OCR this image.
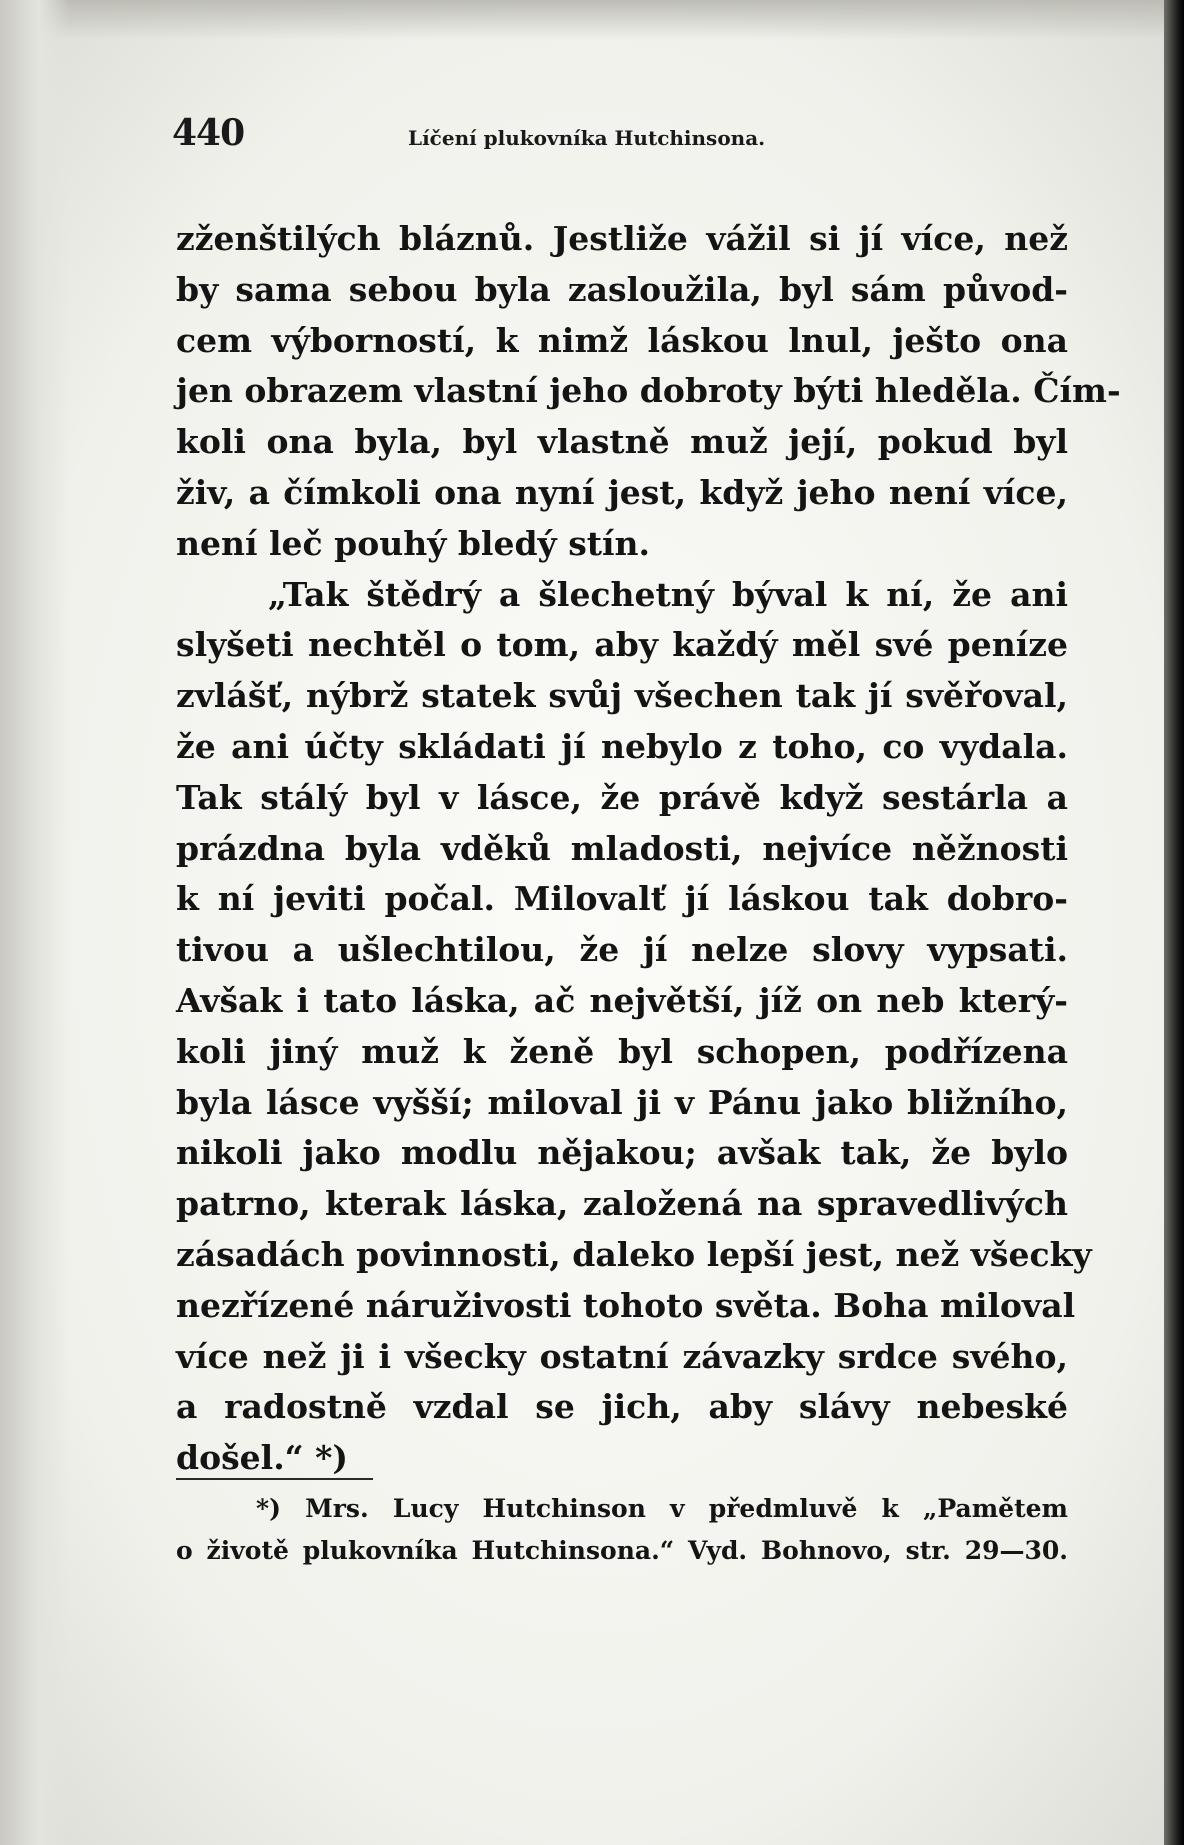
440	Líčení plukovníka Hutchinsona.
zženštilých bláznů. Jestliže vážil si jí více, než
by sama sebou byla zasloužila, byl sám původ-
cem výborností, k nimž láskou lnul, ješto ona
jen obrazem vlastní jeho dobroty býti hleděla. Čím-
koli ona byla, byl vlastně muž její, pokud byl
živ, a čímkoli ona nyní jest, když jeho není více,
není leč pouhý bledý stín.
„Tak štědrý a šlechetný býval k ní, že ani
slyšeti nechtěl o tom, aby každý měl své peníze
zvlášť, nýbrž statek svůj všechen tak jí svěřoval,
že ani účty skládati jí nebylo z toho, co vydala.
Tak stálý byl v lásce, že právě když sestárla a
prázdna byla vděků mladosti, nejvíce něžnosti
k ní jeviti počal. Milovalť jí láskou tak dobro-
tivou a ušlechtilou, že jí nelze slovy vypsati.
Avšak i tato láska, ač největší, jíž on neb který-
koli jiný muž k ženě byl schopen, podřízena
byla lásce vyšší; miloval ji v Pánu jako bližního,
nikoli jako modlu nějakou; avšak tak, že bylo
patrno, kterak láska, založená na spravedlivých
zásadách povinnosti, daleko lepší jest, než všecky
nezřízené náruživosti tohoto světa. Boha miloval
více než ji i všecky ostatní závazky srdce svého,
a radostně vzdal se jich, aby slávy nebeské
došel.“ *)
*) Mrs. Lucy Hutchinson v předmluvě k „Pamětem
o životě plukovníka Hutchinsona.“ Vyd. Bohnovo, str. 29—30.
